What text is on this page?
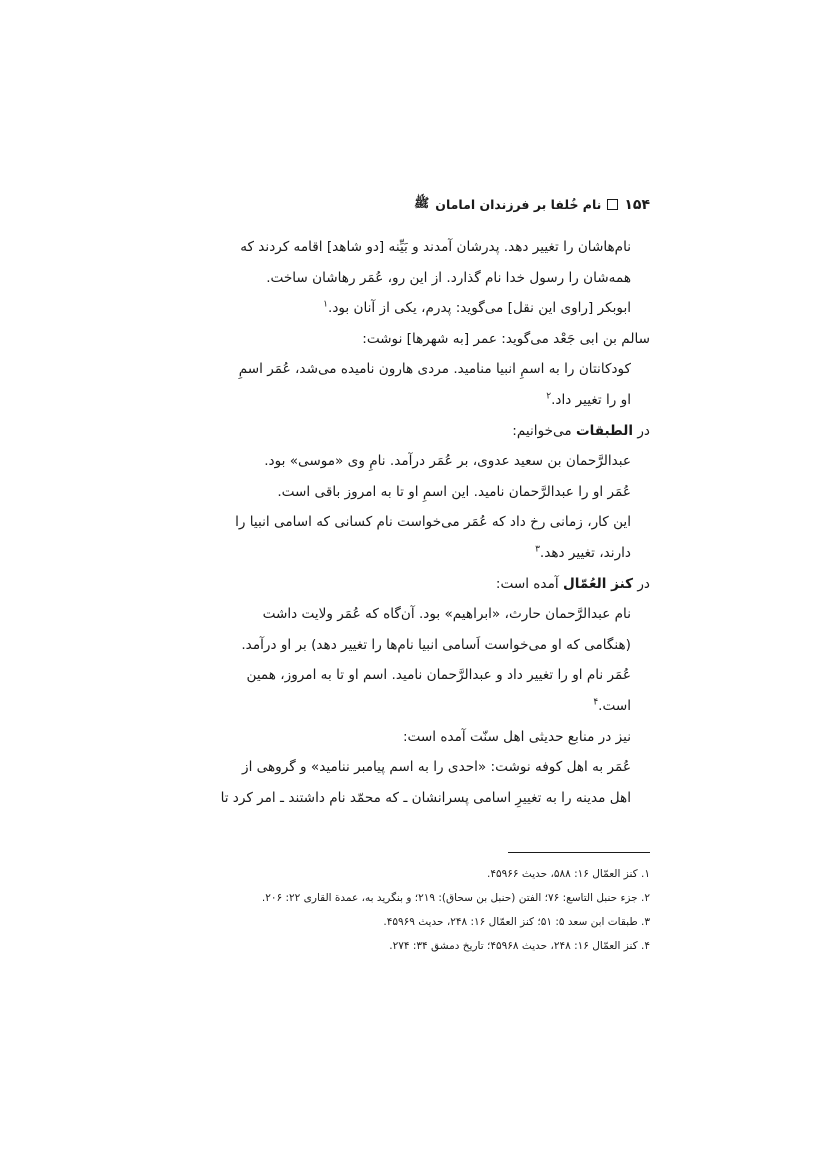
۱۵۴
نام خُلفا بر فرزندان امامان
ﷺ
نام‌هاشان را تغییر دهد. پدرشان آمدند و بَیِّنه [دو شاهد] اقامه کردند که
همه‌شان را رسول خدا نام گذارد. از این رو، عُمَر رهاشان ساخت.
ابوبکر [راوی این نقل] می‌گوید: پدرم، یکی از آنان بود.$^۱$
سالم بن ابی جَعْد می‌گوید: عمر [به شهرها] نوشت:
کودکانتان را به اسمِ انبیا منامید. مردی هارون نامیده می‌شد، عُمَر اسمِ
او را تغییر داد.$^۲$
در الطبقات می‌خوانیم:
عبدالرَّحمان بن سعید عدوی، بر عُمَر درآمد. نامِ وی «موسی» بود.
عُمَر او را عبدالرَّحمان نامید. این اسمِ او تا به امروز باقی است.
این کار، زمانی رخ داد که عُمَر می‌خواست نام کسانی که اسامی انبیا را
دارند، تغییر دهد.$^۳$
در کنز العُمّال آمده است:
نام عبدالرَّحمان حارث، «ابراهیم» بود. آن‌گاه که عُمَر ولایت داشت
(هنگامی که او می‌خواست اَسامی انبیا نام‌ها را تغییر دهد) بر او درآمد.
عُمَر نام او را تغییر داد و عبدالرَّحمان نامید. اسم او تا به امروز، همین
است.$^۴$
نیز در منابع حدیثی اهل سنّت آمده است:
عُمَر به اهل کوفه نوشت: «احدی را به اسم پیامبر ننامید» و گروهی از
اهل مدینه را به تغییرِ اسامی پسرانشان ـ که محمّد نام داشتند ـ امر کرد تا
۱. کنز العمّال ۱۶: ۵۸۸، حدیث ۴۵۹۶۶.
۲. جزء حنبل التاسع: ۷۶؛ الفتن (حنبل بن سحاق): ۲۱۹؛ و بنگرید به، عمدة القاری ۲۲: ۲۰۶.
۳. طبقات ابن سعد ۵: ۵۱؛ کنز العمّال ۱۶: ۲۴۸، حدیث ۴۵۹۶۹.
۴. کنز العمّال ۱۶: ۲۴۸، حدیث ۴۵۹۶۸؛ تاریخ دمشق ۳۴: ۲۷۴.
